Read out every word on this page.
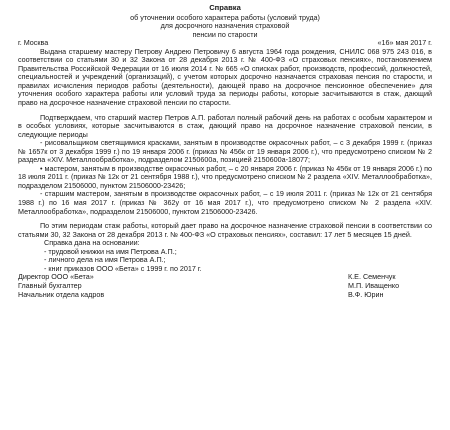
Справка
об уточнении особого характера работы (условий труда)
для досрочного назначения страховой
пенсии по старости
г. Москва	«16» мая 2017 г.

Выдана старшему мастеру Петрову Андрею Петровичу 6 августа 1964 года рождения, СНИЛС 068 975 243 016, в соответствии со статьями 30 и 32 Закона от 28 декабря 2013 г. № 400-ФЗ «О страховых пенсиях», постановлением Правительства Российской Федерации от 16 июля 2014 г. № 665 «О списках работ, производств, профессий, должностей, специальностей и учреждений (организаций), с учетом которых досрочно назначается страховая пенсия по старости, и правилах исчисления периодов работы (деятельности), дающей право на досрочное пенсионное обеспечение» для уточнения особого характера работы или условий труда за периоды работы, которые засчитываются в стаж, дающий право на досрочное назначение страховой пенсии по старости.

Подтверждаем, что старший мастер Петров А.П. работал полный рабочий день на работах с особым характером и в особых условиях, которые засчитываются в стаж, дающий право на досрочное назначение страховой пенсии, в следующие периоды

- рисовальщиком светящимися красками, занятым в производстве окрасочных работ, – с 3 декабря 1999 г. (приказ № 1657к от 3 декабря 1999 г.) по 19 января 2006 г. (приказ № 456к от 19 января 2006 г.), что предусмотрено списком № 2 раздела «XIV. Металлообработка», подразделом 2150600а, позицией 2150600а-18077;

• мастером, занятым в производстве окрасочных работ, – с 20 января 2006 г. (приказ № 456к от 19 января 2006 г.) по 18 июля 2011 г. (приказ № 12к от 21 сентября 1988 г.), что предусмотрено списком № 2 раздела «XIV. Металлообработка», подразделом 21506000, пунктом 21506000-23426;

- старшим мастером, занятым в производстве окрасочных работ, – с 19 июля 2011 г. (приказ № 12к от 21 сентября 1988 г.) по 16 мая 2017 г. (приказ № 362у от 16 мая 2017 г.), что предусмотрено списком № 2 раздела «XIV. Металлообработка», подразделом 21506000, пунктом 21506000-23426.

По этим периодам стаж работы, который дает право на досрочное назначение страховой пенсии в соответствии со статьями 30, 32 Закона от 28 декабря 2013 г. № 400-ФЗ «О страховых пенсиях», составил: 17 лет 5 месяцев 15 дней.

Справка дана на основании:
- трудовой книжки на имя Петрова А.П.;
- личного дела на имя Петрова А.П.;
- книг приказов ООО «Бета» с 1999 г. по 2017 г.
Директор ООО «Бета»	К.Е. Семенчук
Главный бухгалтер	М.П. Иващенко
Начальник отдела кадров	В.Ф. Юрин
